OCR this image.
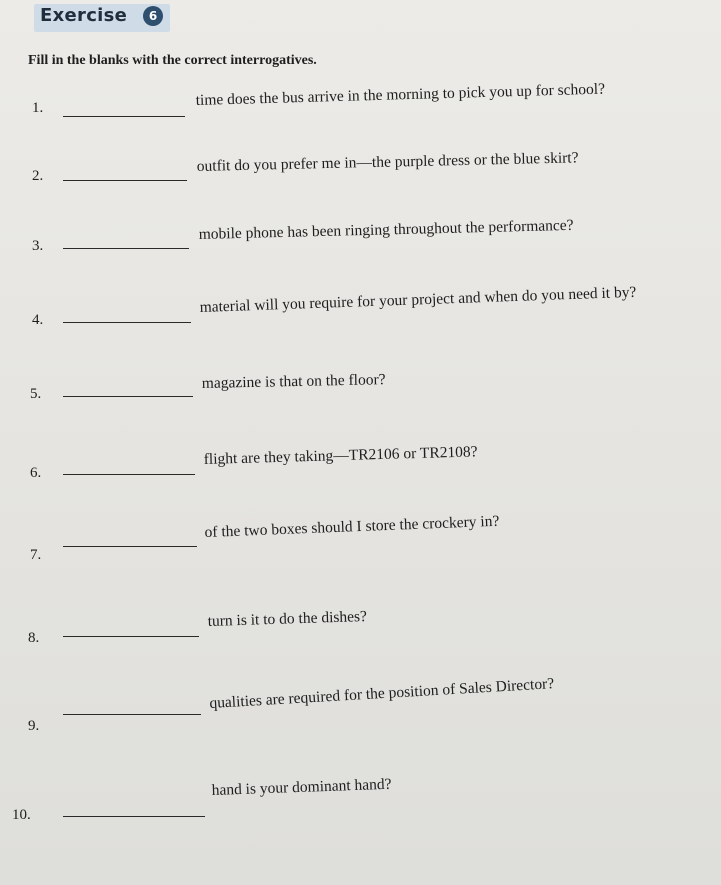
Exercise	6
Fill in the blanks with the correct interrogatives.
1.	time does the bus arrive in the morning to pick you up for school?
2.
outfit do you prefer me in—the purple dress or the blue skirt?
3.
mobile phone has been ringing throughout the performance?
4.
material will you require for your project and when do you need it by?
5.
magazine is that on the floor?
6.
flight are they taking—TR2106 or TR2108?
7.
of the two boxes should I store the crockery in?
8.
turn is it to do the dishes?
9.
qualities are required for the position of Sales Director?
10.
hand is your dominant hand?
